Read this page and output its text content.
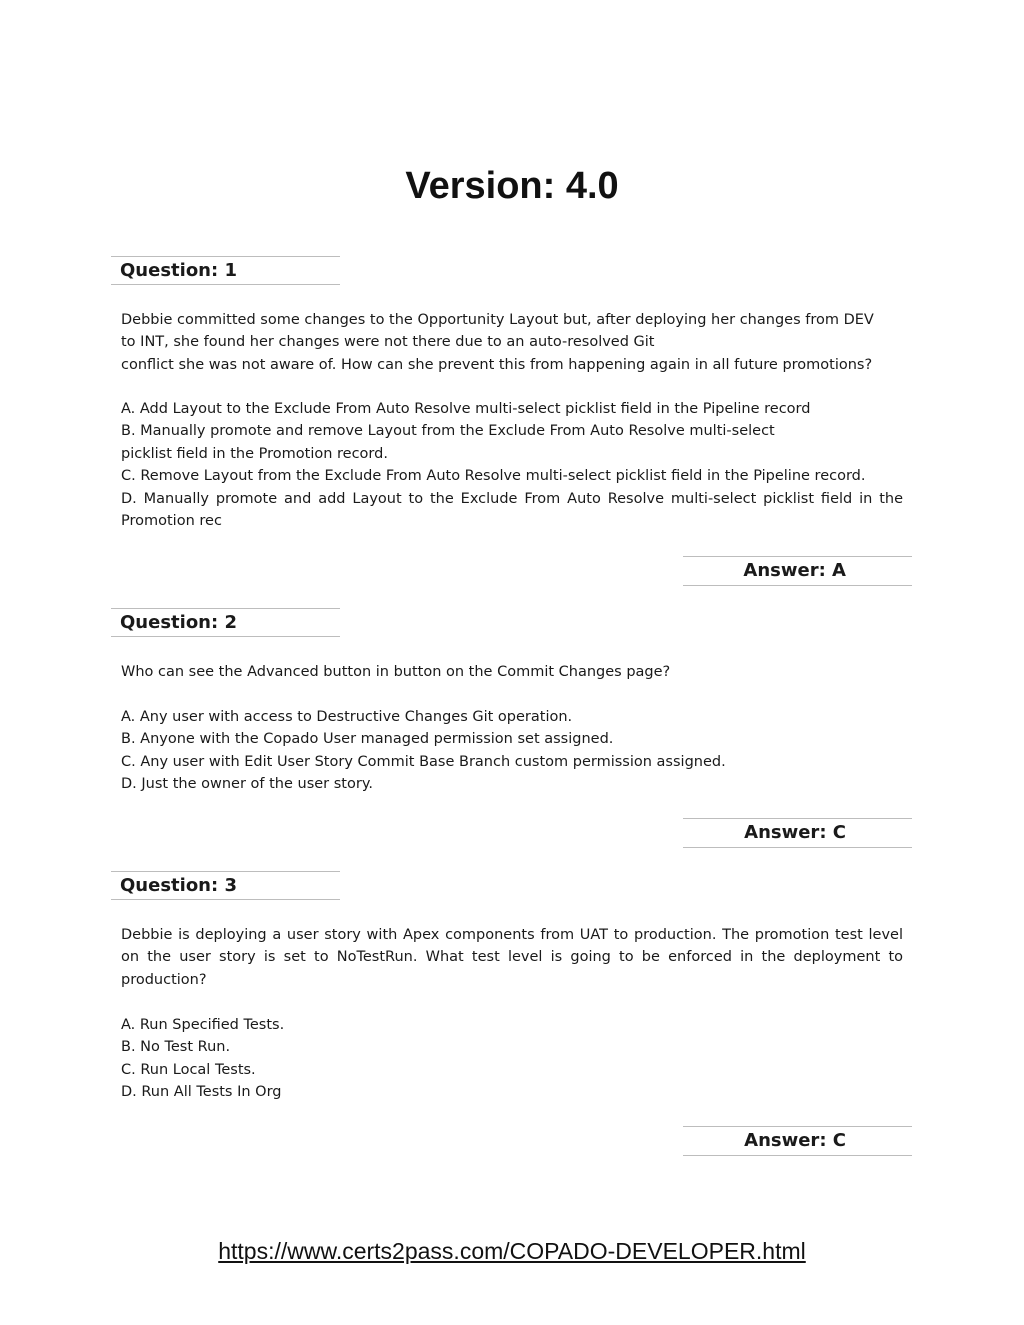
Version: 4.0
Question: 1
Debbie committed some changes to the Opportunity Layout but, after deploying her changes from DEV
to INT, she found her changes were not there due to an auto-resolved Git
conflict she was not aware of. How can she prevent this from happening again in all future promotions?
A. Add Layout to the Exclude From Auto Resolve multi-select picklist field in the Pipeline record
B. Manually promote and remove Layout from the Exclude From Auto Resolve multi-select
picklist field in the Promotion record.
C. Remove Layout from the Exclude From Auto Resolve multi-select picklist field in the Pipeline record.
D. Manually promote and add Layout to the Exclude From Auto Resolve multi-select picklist field in the Promotion rec
Answer: A
Question: 2
Who can see the Advanced button in button on the Commit Changes page?
A. Any user with access to Destructive Changes Git operation.
B. Anyone with the Copado User managed permission set assigned.
C. Any user with Edit User Story Commit Base Branch custom permission assigned.
D. Just the owner of the user story.
Answer: C
Question: 3
Debbie is deploying a user story with Apex components from UAT to production. The promotion test level on the user story is set to NoTestRun. What test level is going to be enforced in the deployment to production?
A. Run Specified Tests.
B. No Test Run.
C. Run Local Tests.
D. Run All Tests In Org
Answer: C
https://www.certs2pass.com/COPADO-DEVELOPER.html
